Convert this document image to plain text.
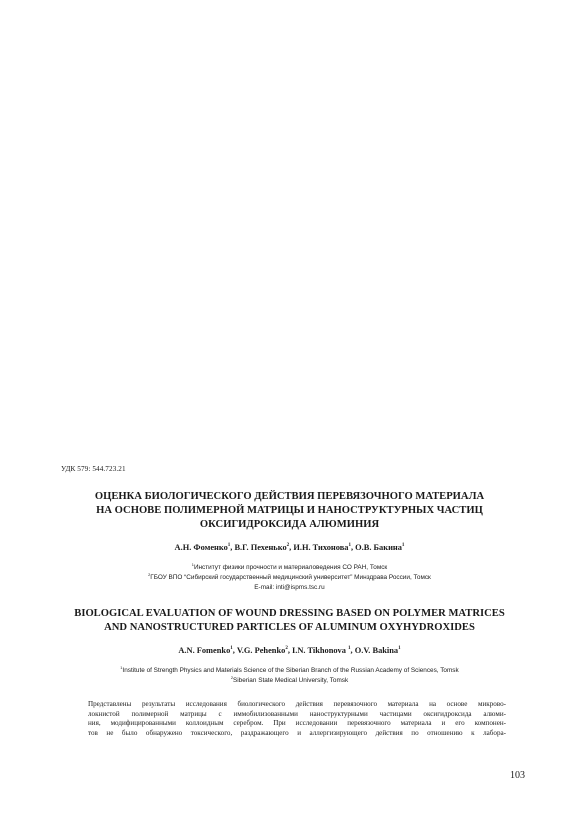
УДК 579: 544.723.21
ОЦЕНКА БИОЛОГИЧЕСКОГО ДЕЙСТВИЯ ПЕРЕВЯЗОЧНОГО МАТЕРИАЛА
НА ОСНОВЕ ПОЛИМЕРНОЙ МАТРИЦЫ И НАНОСТРУКТУРНЫХ ЧАСТИЦ
ОКСИГИДРОКСИДА АЛЮМИНИЯ
А.Н. Фоменко$^1$, В.Г. Пехенько$^2$, И.Н. Тихонова$^1$, О.В. Бакина$^1$
$^1$Институт физики прочности и материаловедения СО РАН, Томск
$^2$ГБОУ ВПО “Сибирский государственный медицинский университет” Минздрава России, Томск
E-mail: inti@ispms.tsc.ru
BIOLOGICAL EVALUATION OF WOUND DRESSING BASED ON POLYMER MATRICES
AND NANOSTRUCTURED PARTICLES OF ALUMINUM OXYHYDROXIDES
A.N. Fomenko$^1$, V.G. Pehenko$^2$, I.N. Tikhonova $^1$, O.V. Bakina$^1$
$^1$Institute of Strength Physics and Materials Science of the Siberian Branch of the Russian Academy of Sciences, Tomsk
$^2$Siberian State Medical University, Tomsk
Представлены результаты исследования биологического действия перевязочного материала на основе микрово-
локнистой полимерной матрицы с иммобилизованными наноструктурными частицами оксигидроксида алюми-
ния, модифицированными коллоидным серебром. При исследовании перевязочного материала и его компонен-
тов не было обнаружено токсического, раздражающего и аллергизирующего действия по отношению к лабора-
103
